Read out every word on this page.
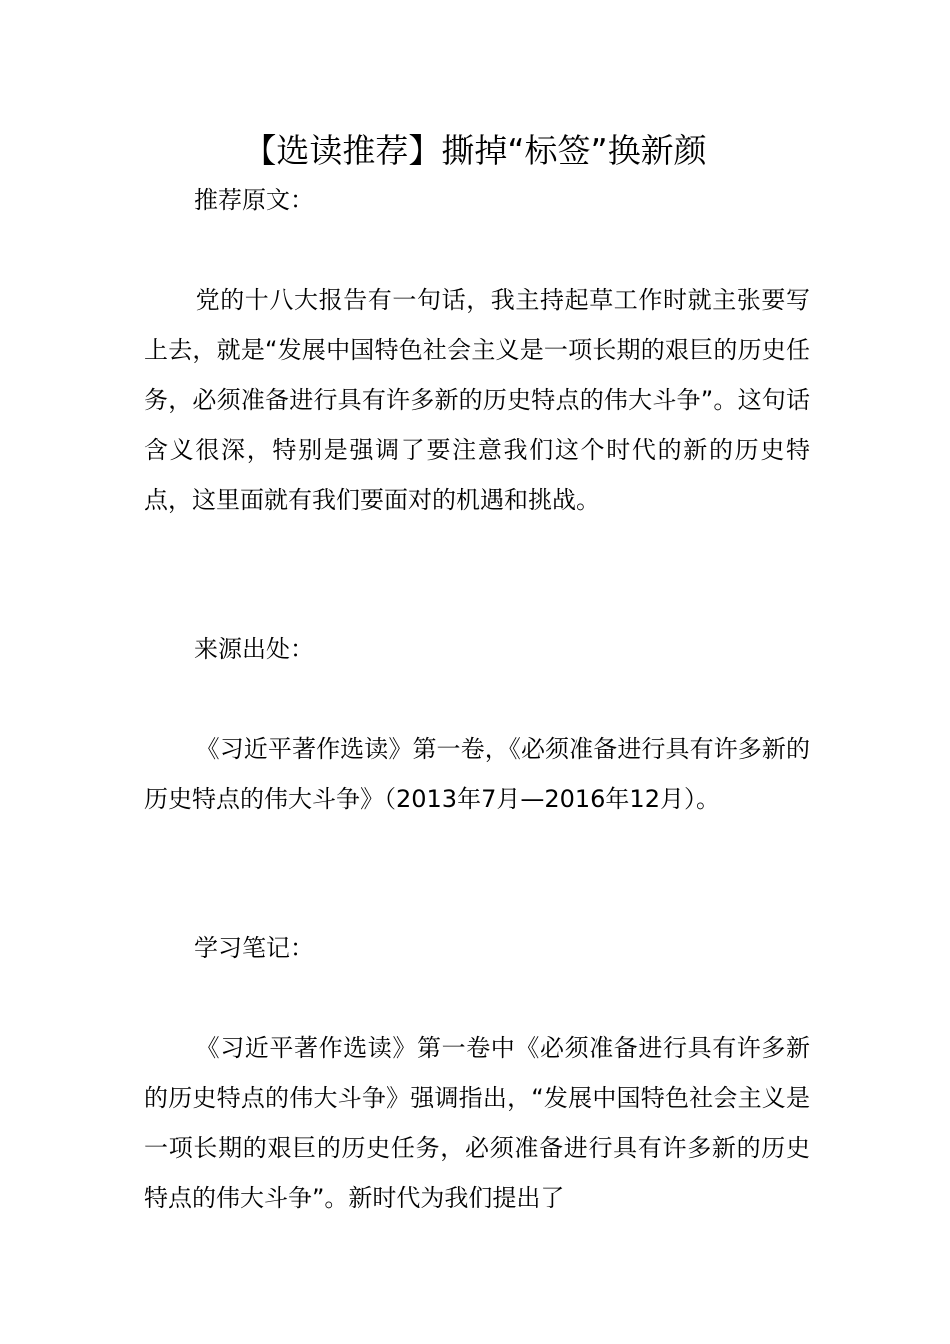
【选读推荐】撕掉“标签”换新颜
推荐原文：

党的十八大报告有一句话，我主持起草工作时就主张要写上去，就是“发展中国特色社会主义是一项长期的艰巨的历史任务，必须准备进行具有许多新的历史特点的伟大斗争”。这句话含义很深，特别是强调了要注意我们这个时代的新的历史特点，这里面就有我们要面对的机遇和挑战。

来源出处：

《习近平著作选读》第一卷，《必须准备进行具有许多新的历史特点的伟大斗争》（2013年7月—2016年12月）。

学习笔记：

《习近平著作选读》第一卷中《必须准备进行具有许多新的历史特点的伟大斗争》强调指出，“发展中国特色社会主义是一项长期的艰巨的历史任务，必须准备进行具有许多新的历史特点的伟大斗争”。新时代为我们提出了
